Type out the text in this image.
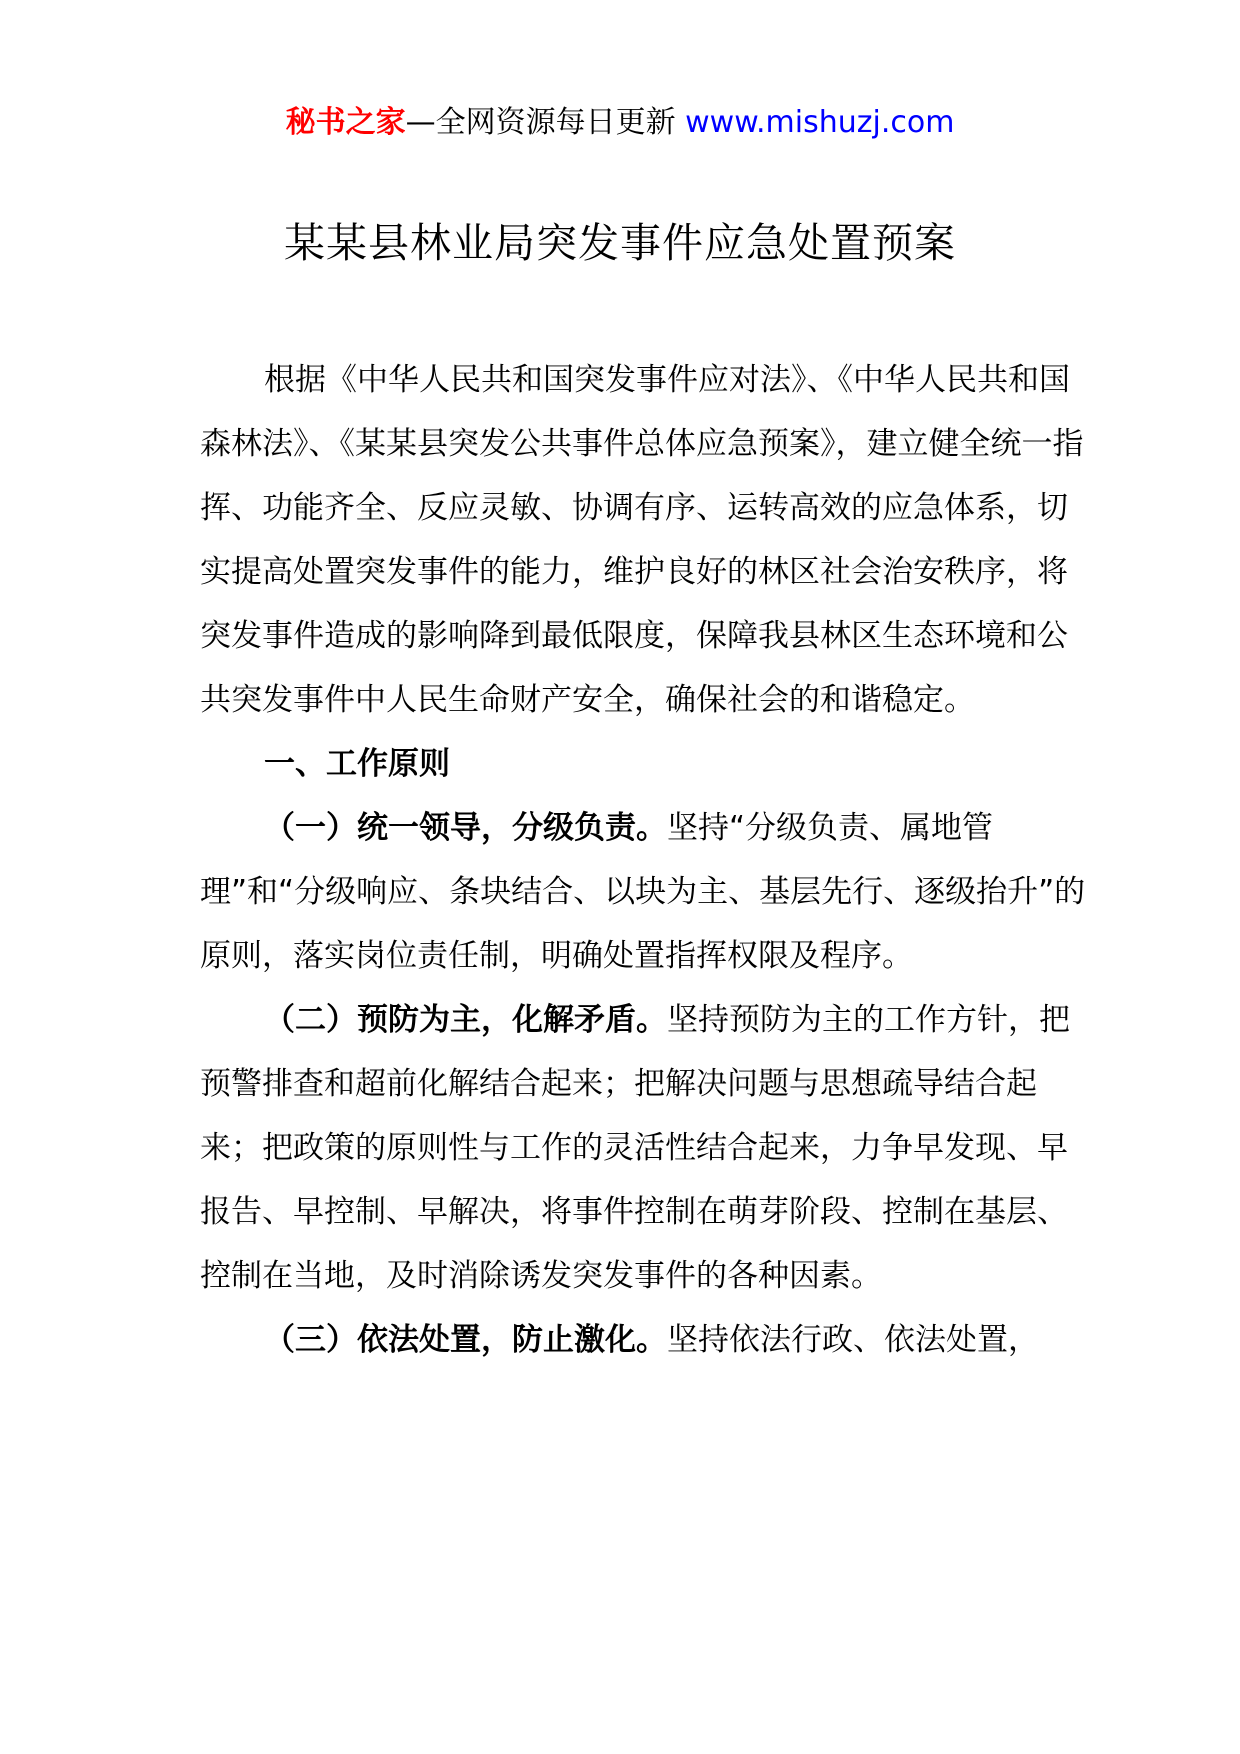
秘书之家—全网资源每日更新 www.mishuzj.com
某某县林业局突发事件应急处置预案

根据《中华人民共和国突发事件应对法》、《中华人民共和国森林法》、《某某县突发公共事件总体应急预案》，建立健全统一指挥、功能齐全、反应灵敏、协调有序、运转高效的应急体系，切实提高处置突发事件的能力，维护良好的林区社会治安秩序，将突发事件造成的影响降到最低限度，保障我县林区生态环境和公共突发事件中人民生命财产安全，确保社会的和谐稳定。

一、工作原则

（一）统一领导，分级负责。坚持“分级负责、属地管理”和“分级响应、条块结合、以块为主、基层先行、逐级抬升”的原则，落实岗位责任制，明确处置指挥权限及程序。

（二）预防为主，化解矛盾。坚持预防为主的工作方针，把预警排查和超前化解结合起来；把解决问题与思想疏导结合起来；把政策的原则性与工作的灵活性结合起来，力争早发现、早报告、早控制、早解决，将事件控制在萌芽阶段、控制在基层、控制在当地，及时消除诱发突发事件的各种因素。

（三）依法处置，防止激化。坚持依法行政、依法处置，
